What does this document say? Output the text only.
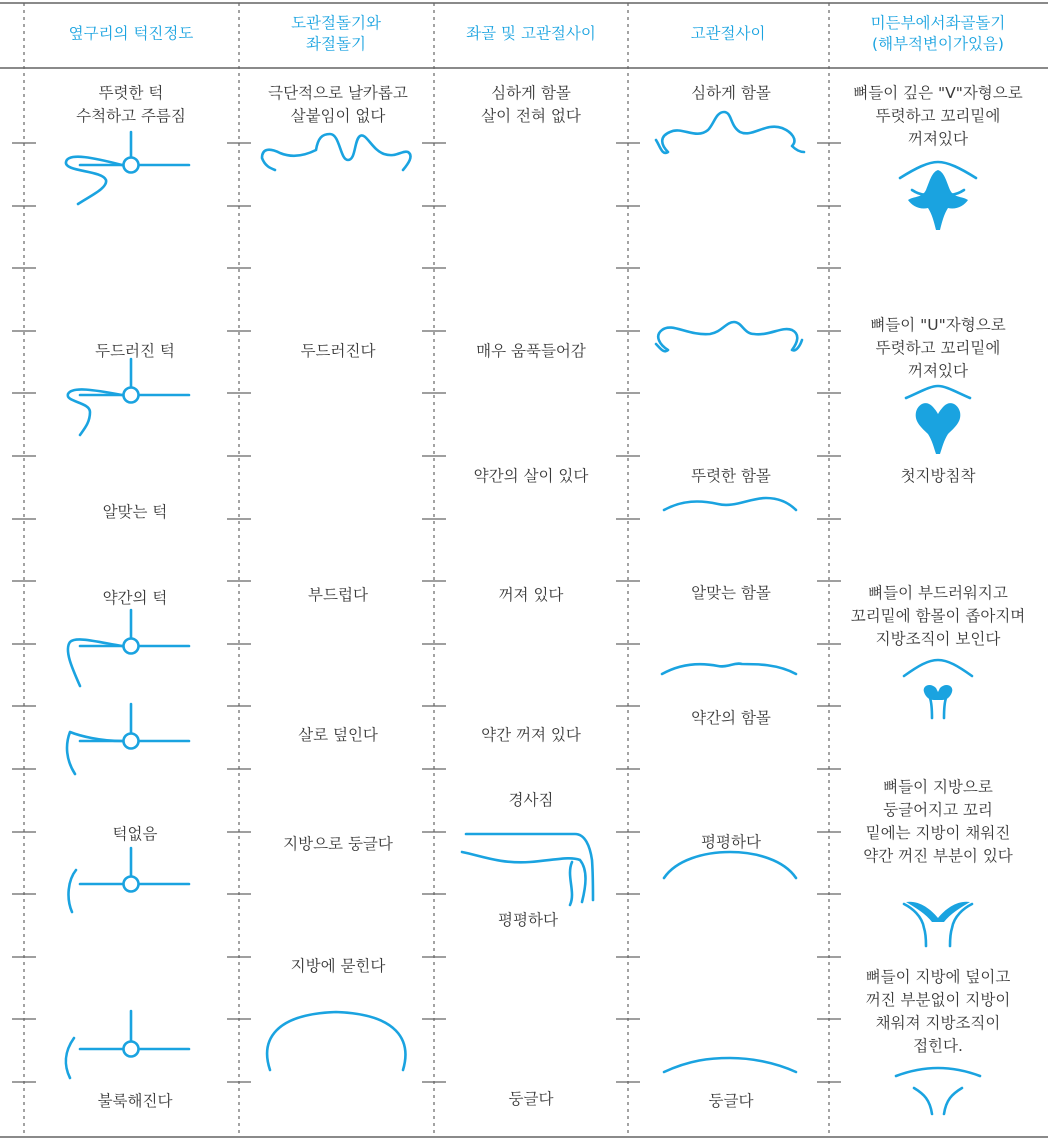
옆구리의 턱진정도
도관절돌기와
좌절돌기
좌골 및 고관절사이	고관절사이
미든부에서좌골돌기
(해부적변이가있음)
뚜렷한 턱
수척하고 주름짐
두드러진 턱
알맞는 턱
약간의 턱
턱없음
불룩해진다
극단적으로 날카롭고
살붙임이 없다
두드러진다
부드럽다
살로 덮인다
지방으로 둥글다
지방에 묻힌다
심하게 함몰
살이 전혀 없다
매우 움푹들어감
약간의 살이 있다
꺼져 있다
약간 꺼져 있다
경사짐
평평하다
둥글다
심하게 함몰
뚜렷한 함몰
알맞는 함몰
약간의 함몰
평평하다
둥글다
뼈들이 깊은 "V"자형으로
뚜렷하고 꼬리밑에
꺼져있다
뼈들이 "U"자형으로
뚜렷하고 꼬리밑에
꺼져있다
첫지방침착
뼈들이 부드러워지고
꼬리밑에 함몰이 좁아지며
지방조직이 보인다
뼈들이 지방으로
둥글어지고 꼬리
밑에는 지방이 채워진
약간 꺼진 부분이 있다
뼈들이 지방에 덮이고
꺼진 부분없이 지방이
채워져 지방조직이
접힌다.
